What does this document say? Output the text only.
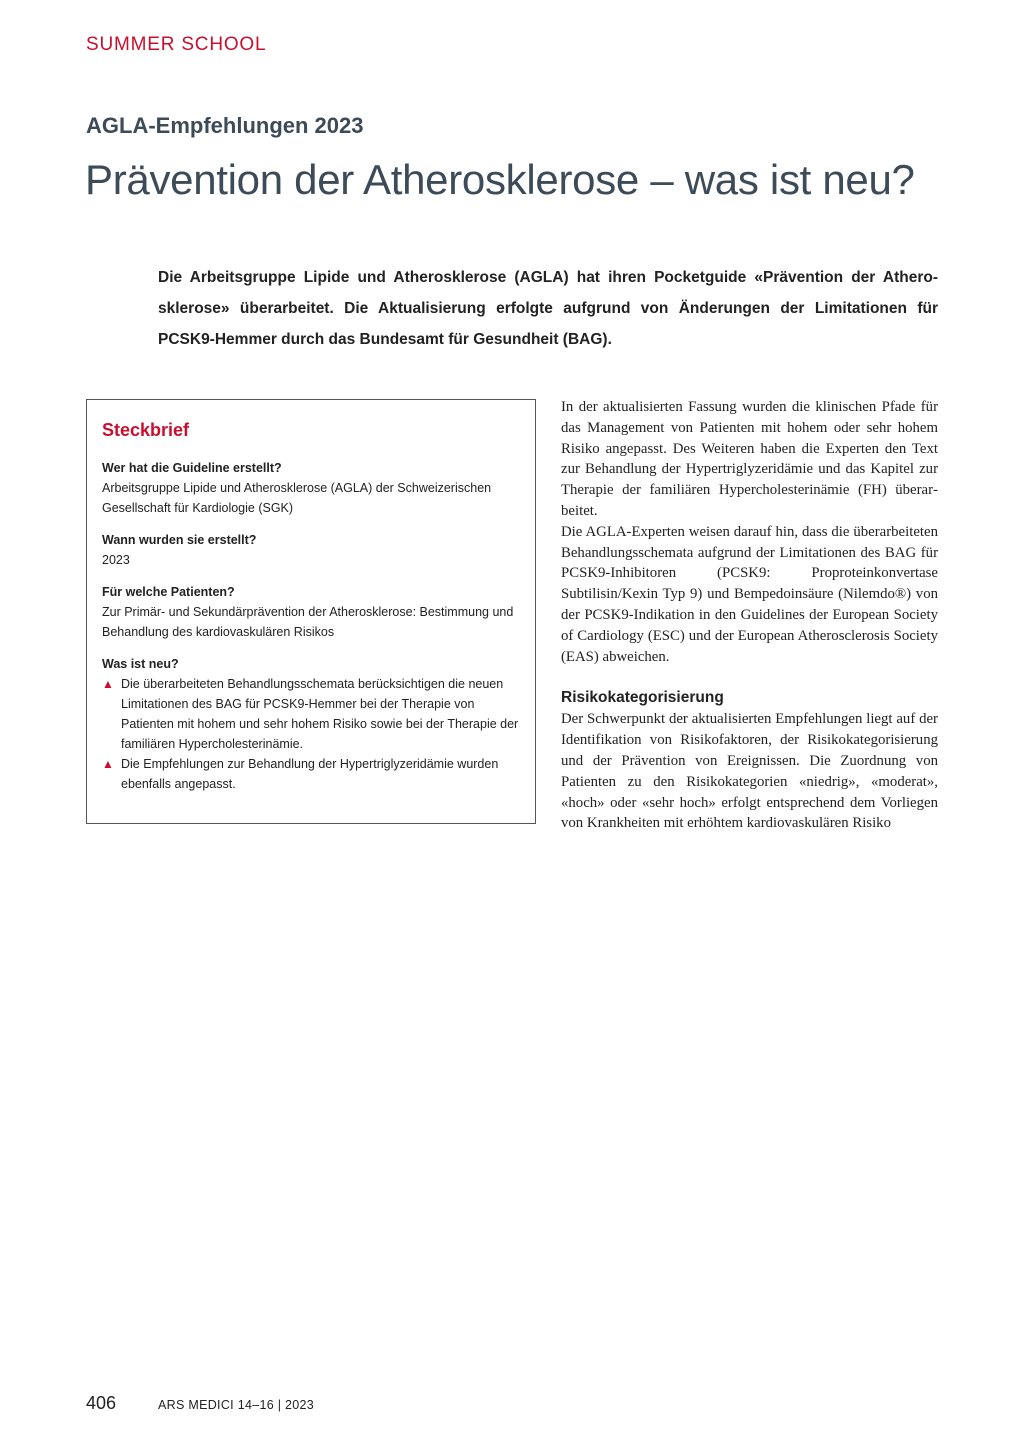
SUMMER SCHOOL
AGLA-Empfehlungen 2023
Prävention der Atherosklerose – was ist neu?

Die Arbeitsgruppe Lipide und Atherosklerose (AGLA) hat ihren Pocketguide «Prävention der Atherosklerose» überarbeitet. Die Aktualisierung erfolgte aufgrund von Änderungen der Limitationen für PCSK9-Hemmer durch das Bundesamt für Gesundheit (BAG).

Steckbrief

Wer hat die Guideline erstellt?

Arbeitsgruppe Lipide und Atherosklerose (AGLA) der Schweizerischen Gesellschaft für Kardiologie (SGK)

Wann wurden sie erstellt?

2023

Für welche Patienten?

Zur Primär- und Sekundärprävention der Atherosklerose: Bestimmung und Behandlung des kardiovaskulären Risikos

Was ist neu?

▲ Die überarbeiteten Behandlungsschemata berücksichtigen die neuen Limitationen des BAG für PCSK9-Hemmer bei der Therapie von Patienten mit hohem und sehr hohem Risiko sowie bei der Therapie der familiären Hypercholesterinämie.
▲ Die Empfehlungen zur Behandlung der Hypertriglyzeridämie wurden ebenfalls angepasst.

In der aktualisierten Fassung wurden die klinischen Pfade für das Management von Patienten mit hohem oder sehr hohem Risiko angepasst. Des Weiteren haben die Experten den Text zur Behandlung der Hypertriglyzeridämie und das Kapitel zur Therapie der familiären Hypercholesterinämie (FH) überarbeitet.

Die AGLA-Experten weisen darauf hin, dass die überarbeiteten Behandlungsschemata aufgrund der Limitationen des BAG für PCSK9-Inhibitoren (PCSK9: Proproteinkonvertase Subtilisin/Kexin Typ 9) und Bempedoinsäure (Nilemdo®) von der PCSK9-Indikation in den Guidelines der European Society of Cardiology (ESC) und der European Atherosclerosis Society (EAS) abweichen.

Risikokategorisierung

Der Schwerpunkt der aktualisierten Empfehlungen liegt auf der Identifikation von Risikofaktoren, der Risikokategorisierung und der Prävention von Ereignissen. Die Zuordnung von Patienten zu den Risikokategorien «niedrig», «moderat», «hoch» oder «sehr hoch» erfolgt entsprechend dem Vorliegen von Krankheiten mit erhöhtem kardiovaskulären Risiko

406	ARS MEDICI 14–16 | 2023
